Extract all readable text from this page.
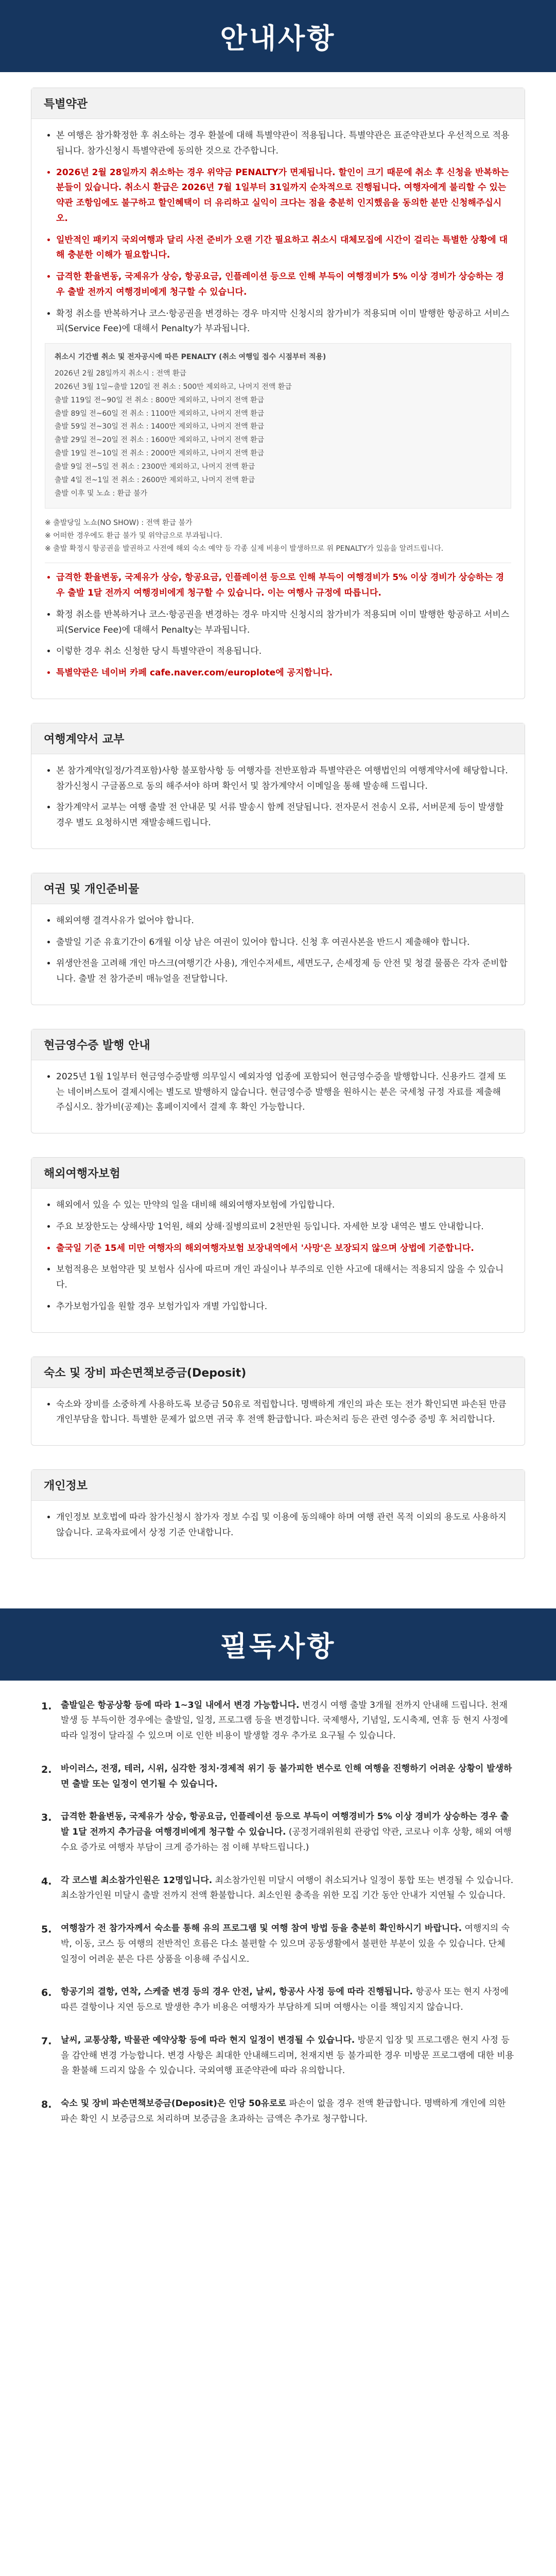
안내사항
특별약관
• 본 여행은 참가확정한 후 취소하는 경우 환불에 대해 특별약관이 적용됩니다. 특별약관은 표준약관보다 우선적으로 적용됩니다. 참가신청시 특별약관에 동의한 것으로 간주합니다.
• 2026년 2월 28일까지 취소하는 경우 위약금 PENALTY가 면제됩니다. 할인이 크기 때문에 취소 후 신청을 반복하는 분들이 있습니다. 취소시 환급은 2026년 7월 1일부터 31일까지 순차적으로 진행됩니다. 여행자에게 불리할 수 있는 약관 조항임에도 불구하고 할인혜택이 더 유리하고 실익이 크다는 점을 충분히 인지했음을 동의한 분만 신청해주십시오.
• 일반적인 패키지 국외여행과 달리 사전 준비가 오랜 기간 필요하고 취소시 대체모집에 시간이 걸리는 특별한 상황에 대해 충분한 이해가 필요합니다.
• 급격한 환율변동, 국제유가 상승, 항공요금, 인플레이션 등으로 인해 부득이 여행경비가 5% 이상 경비가 상승하는 경우 출발 전까지 여행경비에게 청구할 수 있습니다.
• 확정 취소를 반복하거나 코스·항공권을 변경하는 경우 마지막 신청시의 참가비가 적용되며 이미 발행한 항공하고 서비스피(Service Fee)에 대해서 Penalty가 부과됩니다.
취소시 기간별 취소 및 전자공시에 따른 PENALTY (취소 여행일 접수 시점부터 적용)
2026년 2월 28일까지 취소시 : 전액 환급
2026년 3월 1일~출발 120일 전 취소 : 500만 제외하고, 나머지 전액 환급
출발 119일 전~90일 전 취소 : 800만 제외하고, 나머지 전액 환급
출발 89일 전~60일 전 취소 : 1100만 제외하고, 나머지 전액 환급
출발 59일 전~30일 전 취소 : 1400만 제외하고, 나머지 전액 환급
출발 29일 전~20일 전 취소 : 1600만 제외하고, 나머지 전액 환급
출발 19일 전~10일 전 취소 : 2000만 제외하고, 나머지 전액 환급
출발 9일 전~5일 전 취소 : 2300만 제외하고, 나머지 전액 환급
출발 4일 전~1일 전 취소 : 2600만 제외하고, 나머지 전액 환급
출발 이후 및 노쇼 : 환급 불가
※ 출발당일 노쇼(NO SHOW) : 전액 환급 불가
※ 어떠한 경우에도 환급 불가 및 위약금으로 부과됩니다.
※ 출발 확정시 항공권을 발권하고 사전에 해외 숙소 예약 등 각종 실제 비용이 발생하므로 위 PENALTY가 있음을 알려드립니다.
• 급격한 환율변동, 국제유가 상승, 항공요금, 인플레이션 등으로 인해 부득이 여행경비가 5% 이상 경비가 상승하는 경우 출발 1달 전까지 여행경비에게 청구할 수 있습니다. 이는 여행사 규정에 따릅니다.
• 확정 취소를 반복하거나 코스·항공권을 변경하는 경우 마지막 신청시의 참가비가 적용되며 이미 발행한 항공하고 서비스피(Service Fee)에 대해서 Penalty는 부과됩니다.
• 이렇한 경우 취소 신청한 당시 특별약관이 적용됩니다.
• 특별약관은 네이버 카페 cafe.naver.com/europlote에 공지합니다.
여행계약서 교부
• 본 참가계약(일정/가격포함)사항 불포함사항 등 여행자를 전반포함과 특별약관은 여행법인의 여행계약서에 해당합니다. 참가신청시 구글폼으로 동의 해주셔야 하며 확인서 및 참가계약서 이메일을 통해 발송해 드립니다.
• 참가계약서 교부는 여행 출발 전 안내문 및 서류 발송시 함께 전달됩니다. 전자문서 전송시 오류, 서버문제 등이 발생할 경우 별도 요청하시면 재발송해드립니다.
여권 및 개인준비물
• 해외여행 결격사유가 없어야 합니다.
• 출발일 기준 유효기간이 6개월 이상 남은 여권이 있어야 합니다. 신청 후 여권사본을 반드시 제출해야 합니다.
• 위생안전을 고려해 개인 마스크(여행기간 사용), 개인수저세트, 세면도구, 손세정제 등 안전 및 청결 물품은 각자 준비합니다. 출발 전 참가준비 매뉴얼을 전달합니다.
현금영수증 발행 안내
• 2025년 1월 1일부터 현금영수증발행 의무일시 예외자영 업종에 포함되어 현금영수증을 발행합니다. 신용카드 결제 또는 네이버스토어 결제시에는 별도로 발행하지 않습니다. 현금영수증 발행을 원하시는 분은 국세청 규정 자료를 제출해 주십시오. 참가비(공제)는 홈페이지에서 결제 후 확인 가능합니다.
해외여행자보험
• 해외에서 있을 수 있는 만약의 일을 대비해 해외여행자보험에 가입합니다.
• 주요 보장한도는 상해사망 1억원, 해외 상해·질병의료비 2천만원 등입니다. 자세한 보장 내역은 별도 안내합니다.
• 출국일 기준 15세 미만 여행자의 해외여행자보험 보장내역에서 '사망'은 보장되지 않으며 상법에 기준합니다.
• 보험적용은 보험약관 및 보험사 심사에 따르며 개인 과실이나 부주의로 인한 사고에 대해서는 적용되지 않을 수 있습니다.
• 추가보험가입을 원할 경우 보험가입자 개별 가입합니다.
숙소 및 장비 파손면책보증금(Deposit)
• 숙소와 장비를 소중하게 사용하도록 보증금 50유로 적립합니다. 명백하게 개인의 파손 또는 전가 확인되면 파손된 만큼 개인부담을 합니다. 특별한 문제가 없으면 귀국 후 전액 환급합니다. 파손처리 등은 관련 영수증 증빙 후 처리합니다.
개인정보
• 개인정보 보호법에 따라 참가신청시 참가자 정보 수집 및 이용에 동의해야 하며 여행 관련 목적 이외의 용도로 사용하지 않습니다. 교육자료에서 상정 기준 안내합니다.
필독사항
1.	출발일은 항공상황 등에 따라 1~3일 내에서 변경 가능합니다. 변경시 여행 출발 3개월 전까지 안내해 드립니다. 천재 발생 등 부득이한 경우에는 출발일, 일정, 프로그램 등을 변경합니다. 국제행사, 기념일, 도시축제, 연휴 등 현지 사정에 따라 일정이 달라질 수 있으며 이로 인한 비용이 발생할 경우 추가로 요구될 수 있습니다.
2.	바이러스, 전쟁, 테러, 시위, 심각한 정치·경제적 위기 등 불가피한 변수로 인해 여행을 진행하기 어려운 상황이 발생하면 출발 또는 일정이 연기될 수 있습니다.
3.	급격한 환율변동, 국제유가 상승, 항공요금, 인플레이션 등으로 부득이 여행경비가 5% 이상 경비가 상승하는 경우 출발 1달 전까지 추가금을 여행경비에게 청구할 수 있습니다. (공정거래위원회 관광업 약관, 코로나 이후 상황, 해외 여행 수요 증가로 여행자 부담이 크게 증가하는 점 이해 부탁드립니다.)
4.	각 코스별 최소참가인원은 12명입니다. 최소참가인원 미달시 여행이 취소되거나 일정이 통합 또는 변경될 수 있습니다. 최소참가인원 미달시 출발 전까지 전액 환불합니다. 최소인원 충족을 위한 모집 기간 동안 안내가 지연될 수 있습니다.
5.	여행참가 전 참가자께서 숙소를 통해 유의 프로그램 및 여행 참여 방법 등을 충분히 확인하시기 바랍니다. 여행지의 숙박, 이동, 코스 등 여행의 전반적인 흐름은 다소 불편할 수 있으며 공동생활에서 불편한 부분이 있을 수 있습니다. 단체 일정이 어려운 분은 다른 상품을 이용해 주십시오.
6.	항공기의 결항, 연착, 스케줄 변경 등의 경우 안전, 날씨, 항공사 사정 등에 따라 진행됩니다. 항공사 또는 현지 사정에 따른 결항이나 지연 등으로 발생한 추가 비용은 여행자가 부담하게 되며 여행사는 이를 책임지지 않습니다.
7.	날씨, 교통상황, 박물관 예약상황 등에 따라 현지 일정이 변경될 수 있습니다. 방문지 입장 및 프로그램은 현지 사정 등을 감안해 변경 가능합니다. 변경 사항은 최대한 안내해드리며, 천재지변 등 불가피한 경우 미방문 프로그램에 대한 비용을 환불해 드리지 않을 수 있습니다. 국외여행 표준약관에 따라 유의합니다.
8.	숙소 및 장비 파손면책보증금(Deposit)은 인당 50유로로 파손이 없을 경우 전액 환급합니다. 명백하게 개인에 의한 파손 확인 시 보증금으로 처리하며 보증금을 초과하는 금액은 추가로 청구합니다.
